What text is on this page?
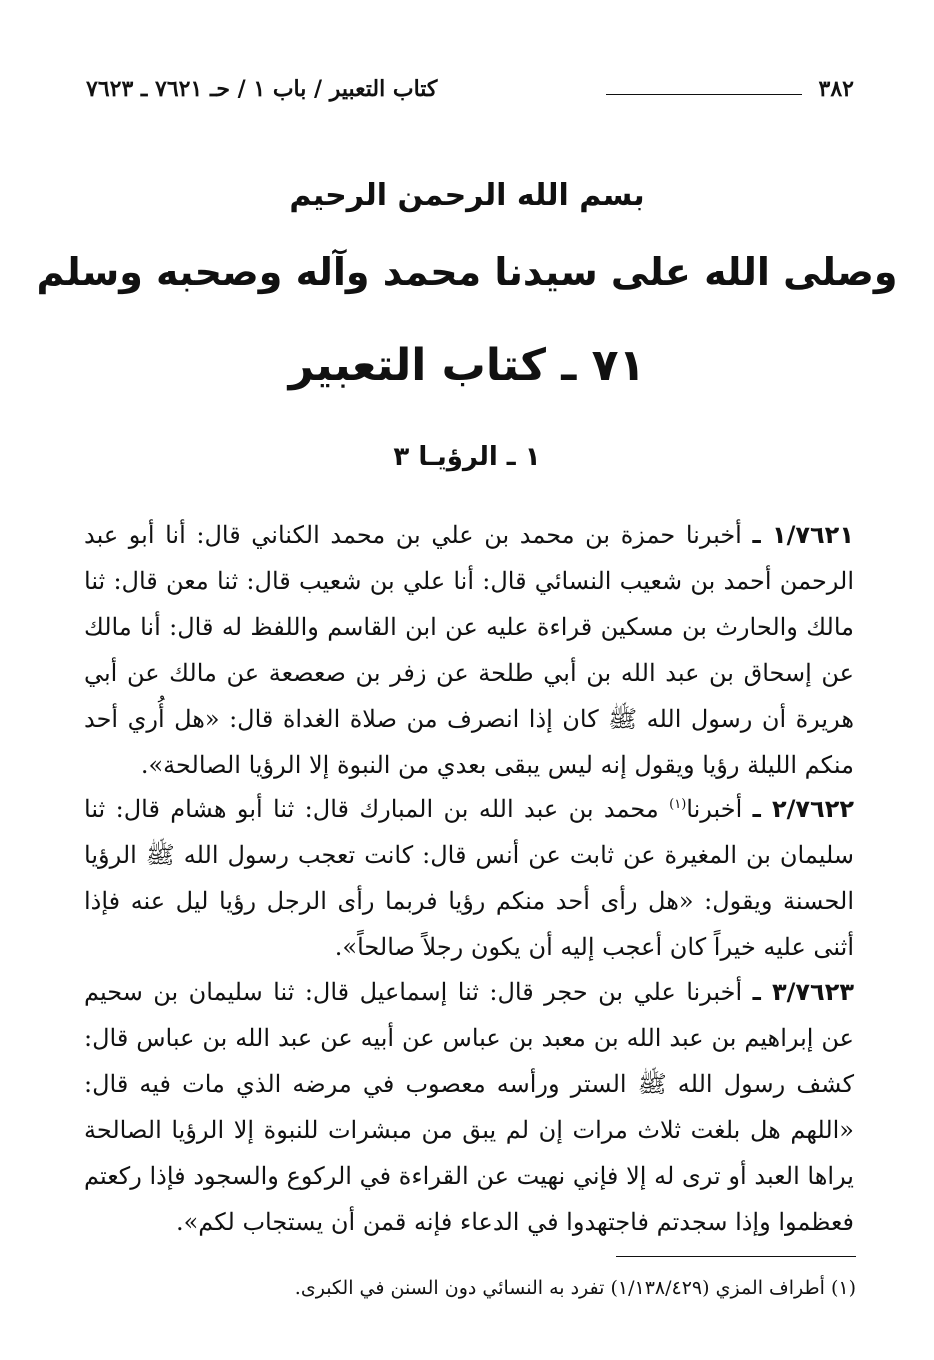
٣٨٢
كتاب التعبير / باب ١ / حـ ٧٦٢١ ـ ٧٦٢٣
بسم الله الرحمن الرحيم
وصلى الله على سيدنا محمد وآله وصحبه وسلم
٧١ ـ كتاب التعبير
١ ـ الرؤيـا ٣

١/٧٦٢١ ـ أخبرنا حمزة بن محمد بن علي بن محمد الكناني قال: أنا أبو عبد الرحمن أحمد بن شعيب النسائي قال: أنا علي بن شعيب قال: ثنا معن قال: ثنا مالك والحارث بن مسكين قراءة عليه عن ابن القاسم واللفظ له قال: أنا مالك عن إسحاق بن عبد الله بن أبي طلحة عن زفر بن صعصعة عن مالك عن أبي هريرة أن رسول الله ﷺ كان إذا انصرف من صلاة الغداة قال: «هل أُري أحد منكم الليلة رؤيا ويقول إنه ليس يبقى بعدي من النبوة إلا الرؤيا الصالحة».

٢/٧٦٢٢ ـ أخبرنا$^{(١)}$ محمد بن عبد الله بن المبارك قال: ثنا أبو هشام قال: ثنا سليمان بن المغيرة عن ثابت عن أنس قال: كانت تعجب رسول الله ﷺ الرؤيا الحسنة ويقول: «هل رأى أحد منكم رؤيا فربما رأى الرجل رؤيا ليل عنه فإذا أثنى عليه خيراً كان أعجب إليه أن يكون رجلاً صالحاً».

٣/٧٦٢٣ ـ أخبرنا علي بن حجر قال: ثنا إسماعيل قال: ثنا سليمان بن سحيم عن إبراهيم بن عبد الله بن معبد بن عباس عن أبيه عن عبد الله بن عباس قال: كشف رسول الله ﷺ الستر ورأسه معصوب في مرضه الذي مات فيه قال: «اللهم هل بلغت ثلاث مرات إن لم يبق من مبشرات للنبوة إلا الرؤيا الصالحة يراها العبد أو ترى له إلا فإني نهيت عن القراءة في الركوع والسجود فإذا ركعتم فعظموا وإذا سجدتم فاجتهدوا في الدعاء فإنه قمن أن يستجاب لكم».

(١) أطراف المزي (١/١٣٨/٤٢٩) تفرد به النسائي دون السنن في الكبرى.
